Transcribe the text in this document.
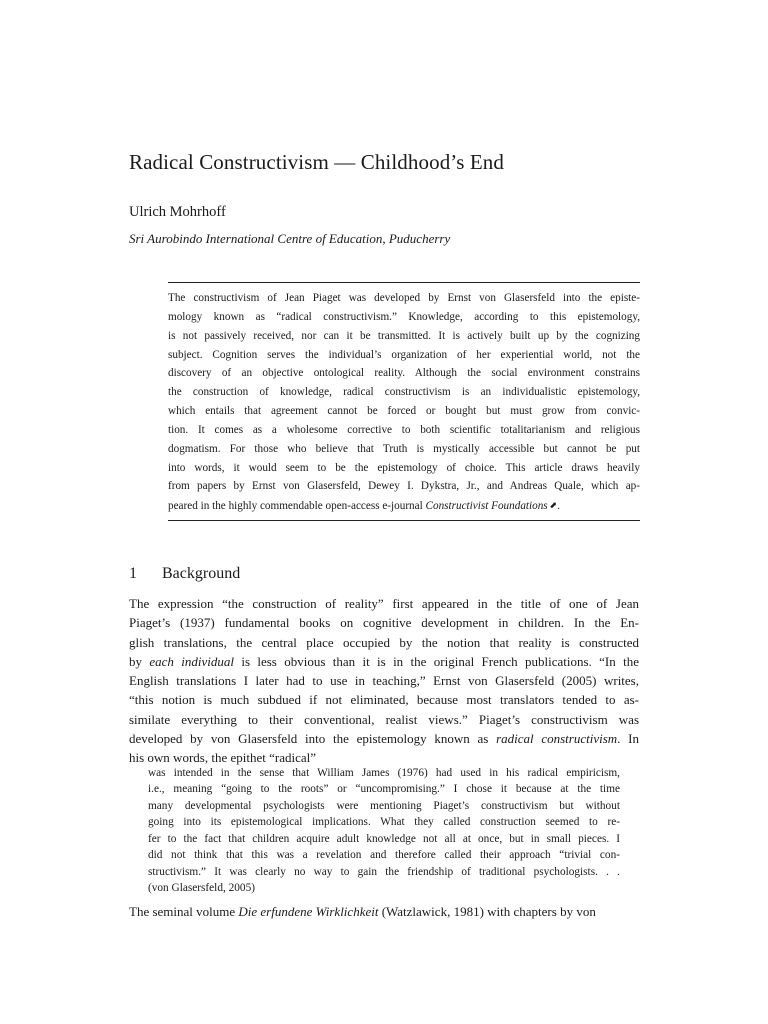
Radical Constructivism — Childhood’s End

Ulrich Mohrhoff

Sri Aurobindo International Centre of Education, Puducherry

The constructivism of Jean Piaget was developed by Ernst von Glasersfeld into the episte-
mology known as “radical constructivism.” Knowledge, according to this epistemology,
is not passively received, nor can it be transmitted. It is actively built up by the cognizing
subject. Cognition serves the individual’s organization of her experiential world, not the
discovery of an objective ontological reality. Although the social environment constrains
the construction of knowledge, radical constructivism is an individualistic epistemology,
which entails that agreement cannot be forced or bought but must grow from convic-
tion. It comes as a wholesome corrective to both scientific totalitarianism and religious
dogmatism. For those who believe that Truth is mystically accessible but cannot be put
into words, it would seem to be the epistemology of choice. This article draws heavily
from papers by Ernst von Glasersfeld, Dewey I. Dykstra, Jr., and Andreas Quale, which ap-
peared in the highly commendable open-access e-journal Constructivist Foundations ⬈.
1 Background
The expression “the construction of reality” first appeared in the title of one of Jean
Piaget’s (1937) fundamental books on cognitive development in children. In the En-
glish translations, the central place occupied by the notion that reality is constructed
by each individual is less obvious than it is in the original French publications. “In the
English translations I later had to use in teaching,” Ernst von Glasersfeld (2005) writes,
“this notion is much subdued if not eliminated, because most translators tended to as-
similate everything to their conventional, realist views.” Piaget’s constructivism was
developed by von Glasersfeld into the epistemology known as radical constructivism. In
his own words, the epithet “radical”
was intended in the sense that William James (1976) had used in his radical empiricism,
i.e., meaning “going to the roots” or “uncompromising.” I chose it because at the time
many developmental psychologists were mentioning Piaget’s constructivism but without
going into its epistemological implications. What they called construction seemed to re-
fer to the fact that children acquire adult knowledge not all at once, but in small pieces. I
did not think that this was a revelation and therefore called their approach “trivial con-
structivism.” It was clearly no way to gain the friendship of traditional psychologists. . .
(von Glasersfeld, 2005)
The seminal volume Die erfundene Wirklichkeit (Watzlawick, 1981) with chapters by von
